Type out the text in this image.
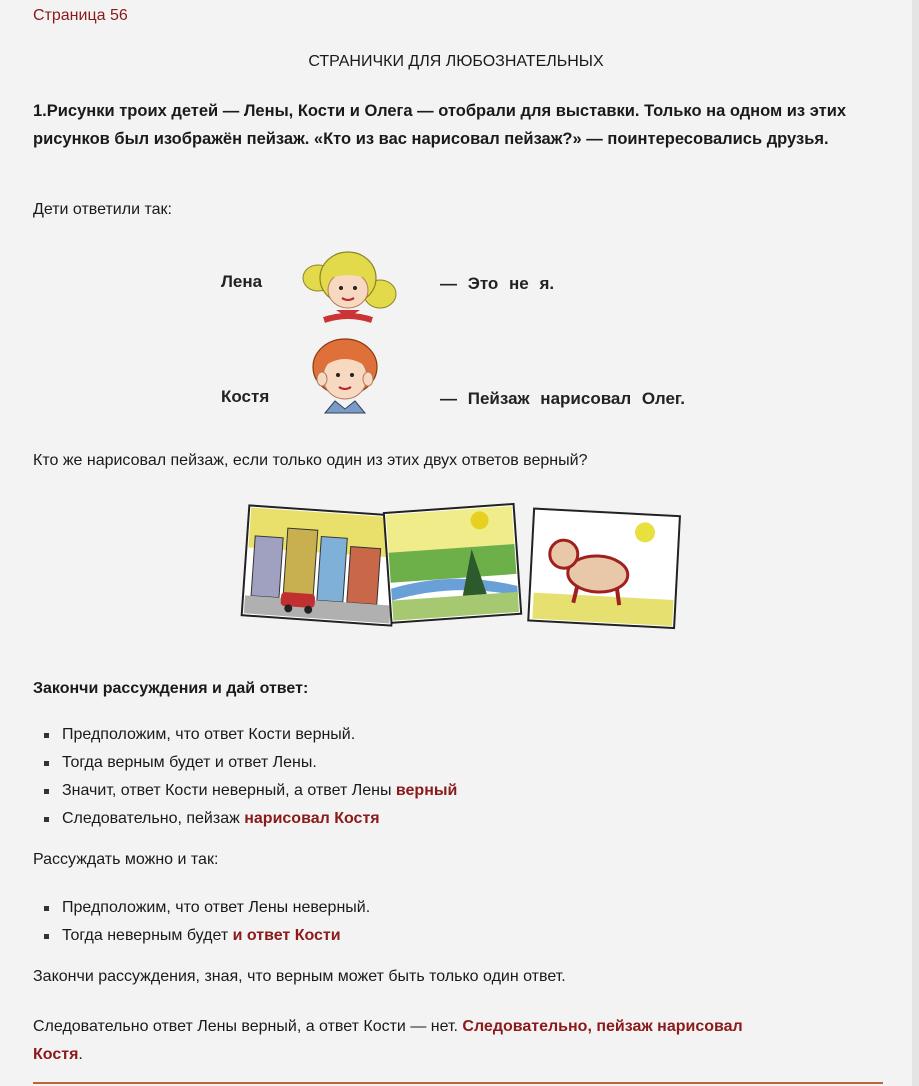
Страница 56
СТРАНИЧКИ ДЛЯ ЛЮБОЗНАТЕЛЬНЫХ
1.Рисунки троих детей — Лены, Кости и Олега — отобрали для выставки. Только на одном из этих рисунков был изображён пейзаж. «Кто из вас нарисовал пейзаж?» — поинтересовались друзья.
Дети ответили так:
Лена	— Это не я.
Костя	— Пейзаж нарисовал Олег.
Кто же нарисовал пейзаж, если только один из этих двух ответов верный?
Закончи рассуждения и дай ответ:
Предположим, что ответ Кости верный.
Тогда верным будет и ответ Лены.
Значит, ответ Кости неверный, а ответ Лены верный
Следовательно, пейзаж нарисовал Костя
Рассуждать можно и так:
Предположим, что ответ Лены неверный.
Тогда неверным будет и ответ Кости
Закончи рассуждения, зная, что верным может быть только один ответ.
Следовательно ответ Лены верный, а ответ Кости — нет. Следовательно, пейзаж нарисовал
Костя.
